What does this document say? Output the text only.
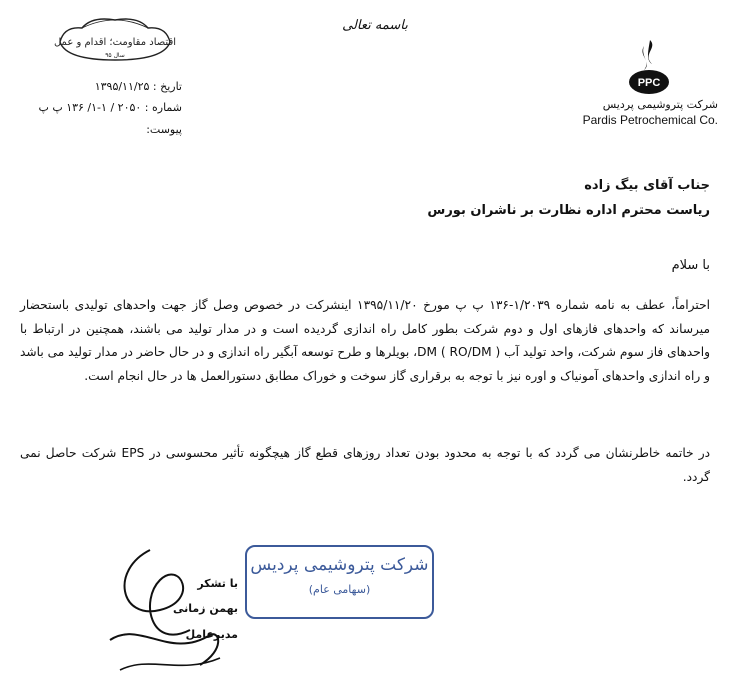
باسمه تعالی
اقتصاد مقاومت؛ اقدام و عمل
سال ۹۵
تاریخ : ۱۳۹۵/۱۱/۲۵
شماره : ۲۰۵۰ / ۱-۱/ ۱۳۶ پ پ
پیوست:
PPC
شرکت پتروشیمی پردیس
Pardis Petrochemical Co.
جناب آقای بیگ زاده
ریاست محترم اداره نظارت بر ناشران بورس
با سلام
احتراماً، عطف به نامه شماره ۱/۲۰۳۹-۱۳۶ پ پ مورخ ۱۳۹۵/۱۱/۲۰ اینشرکت در خصوص وصل گاز جهت واحدهای تولیدی باستحضار میرساند که واحدهای فازهای اول و دوم شرکت بطور کامل راه اندازی گردیده است و در مدار تولید می باشند، همچنین در ارتباط با واحدهای فاز سوم شرکت، واحد تولید آب DM ( RO/DM )، بویلرها و طرح توسعه آبگیر راه اندازی و در حال حاضر در مدار تولید می باشد و راه اندازی واحدهای آمونیاک و اوره نیز با توجه به برقراری گاز سوخت و خوراک مطابق دستورالعمل ها در حال انجام است.
در خاتمه خاطرنشان می گردد که با توجه به محدود بودن تعداد روزهای قطع گاز هیچگونه تأثیر محسوسی در EPS شرکت حاصل نمی گردد.
با تشکر
بهمن زمانی
مدیرعامل
شرکت پتروشیمی پردیس
(سهامی عام)
